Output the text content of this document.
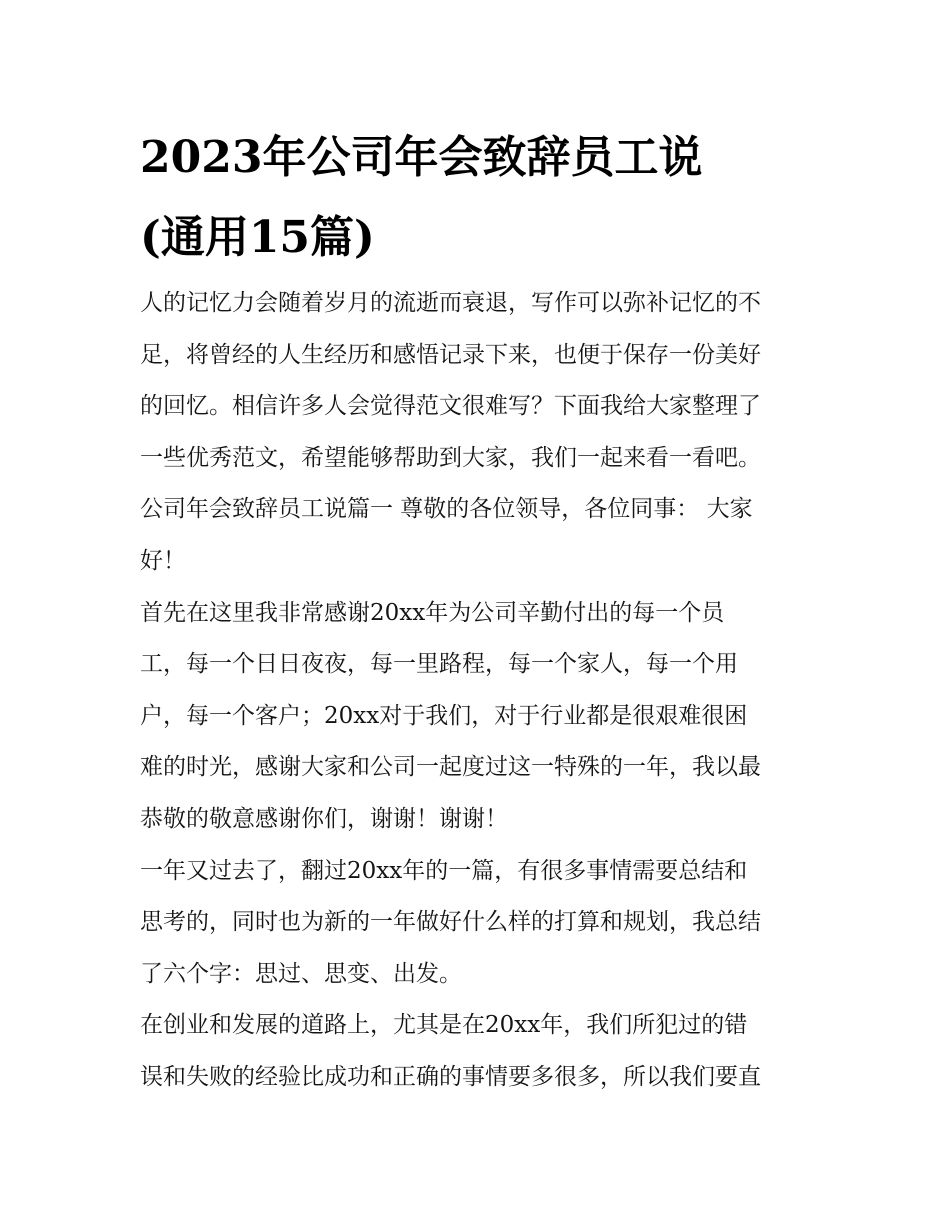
2023年公司年会致辞员工说
(通用15篇)
人的记忆力会随着岁月的流逝而衰退，写作可以弥补记忆的不
足，将曾经的人生经历和感悟记录下来，也便于保存一份美好
的回忆。相信许多人会觉得范文很难写？下面我给大家整理了
一些优秀范文，希望能够帮助到大家，我们一起来看一看吧。
公司年会致辞员工说篇一 尊敬的各位领导，各位同事： 大家
好！
首先在这里我非常感谢20xx年为公司辛勤付出的每一个员
工，每一个日日夜夜，每一里路程，每一个家人，每一个用
户，每一个客户；20xx对于我们，对于行业都是很艰难很困
难的时光，感谢大家和公司一起度过这一特殊的一年，我以最
恭敬的敬意感谢你们，谢谢！谢谢！
一年又过去了，翻过20xx年的一篇，有很多事情需要总结和
思考的，同时也为新的一年做好什么样的打算和规划，我总结
了六个字：思过、思变、出发。
在创业和发展的道路上，尤其是在20xx年，我们所犯过的错
误和失败的经验比成功和正确的事情要多很多，所以我们要直
